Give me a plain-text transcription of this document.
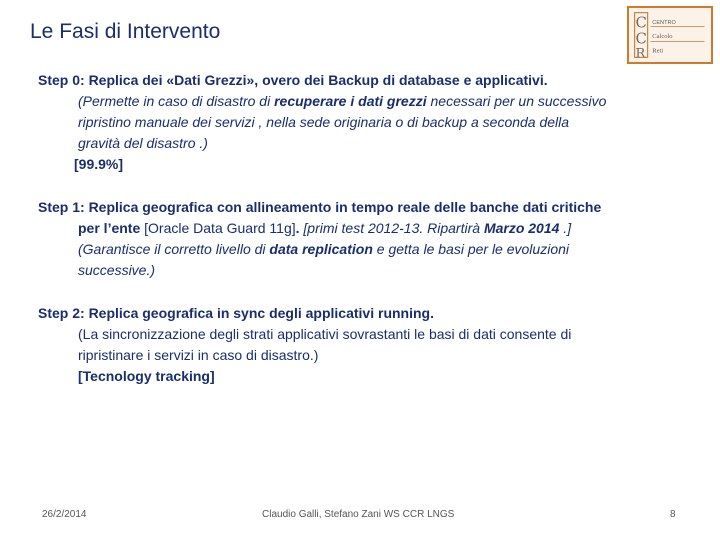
Le Fasi di Intervento	C
C
R
CENTRO
Calcolo
Reti

Step 0: Replica dei «Dati Grezzi», overo dei Backup di database e applicativi.

(Permette in caso di disastro di recuperare i dati grezzi necessari per un successivo

ripristino manuale dei servizi , nella sede originaria o di backup a seconda della

gravità del disastro .)

[99.9%]

Step 1: Replica geografica con allineamento in tempo reale delle banche dati critiche

per l’ente [Oracle Data Guard 11g]. [primi test 2012-13. Ripartirà Marzo 2014 .]

(Garantisce il corretto livello di data replication e getta le basi per le evoluzioni

successive.)

Step 2: Replica geografica in sync degli applicativi running.

(La sincronizzazione degli strati applicativi sovrastanti le basi di dati consente di

ripristinare i servizi in caso di disastro.)

[Tecnology tracking]

26/2/2014	Claudio Galli, Stefano Zani WS CCR LNGS	8
